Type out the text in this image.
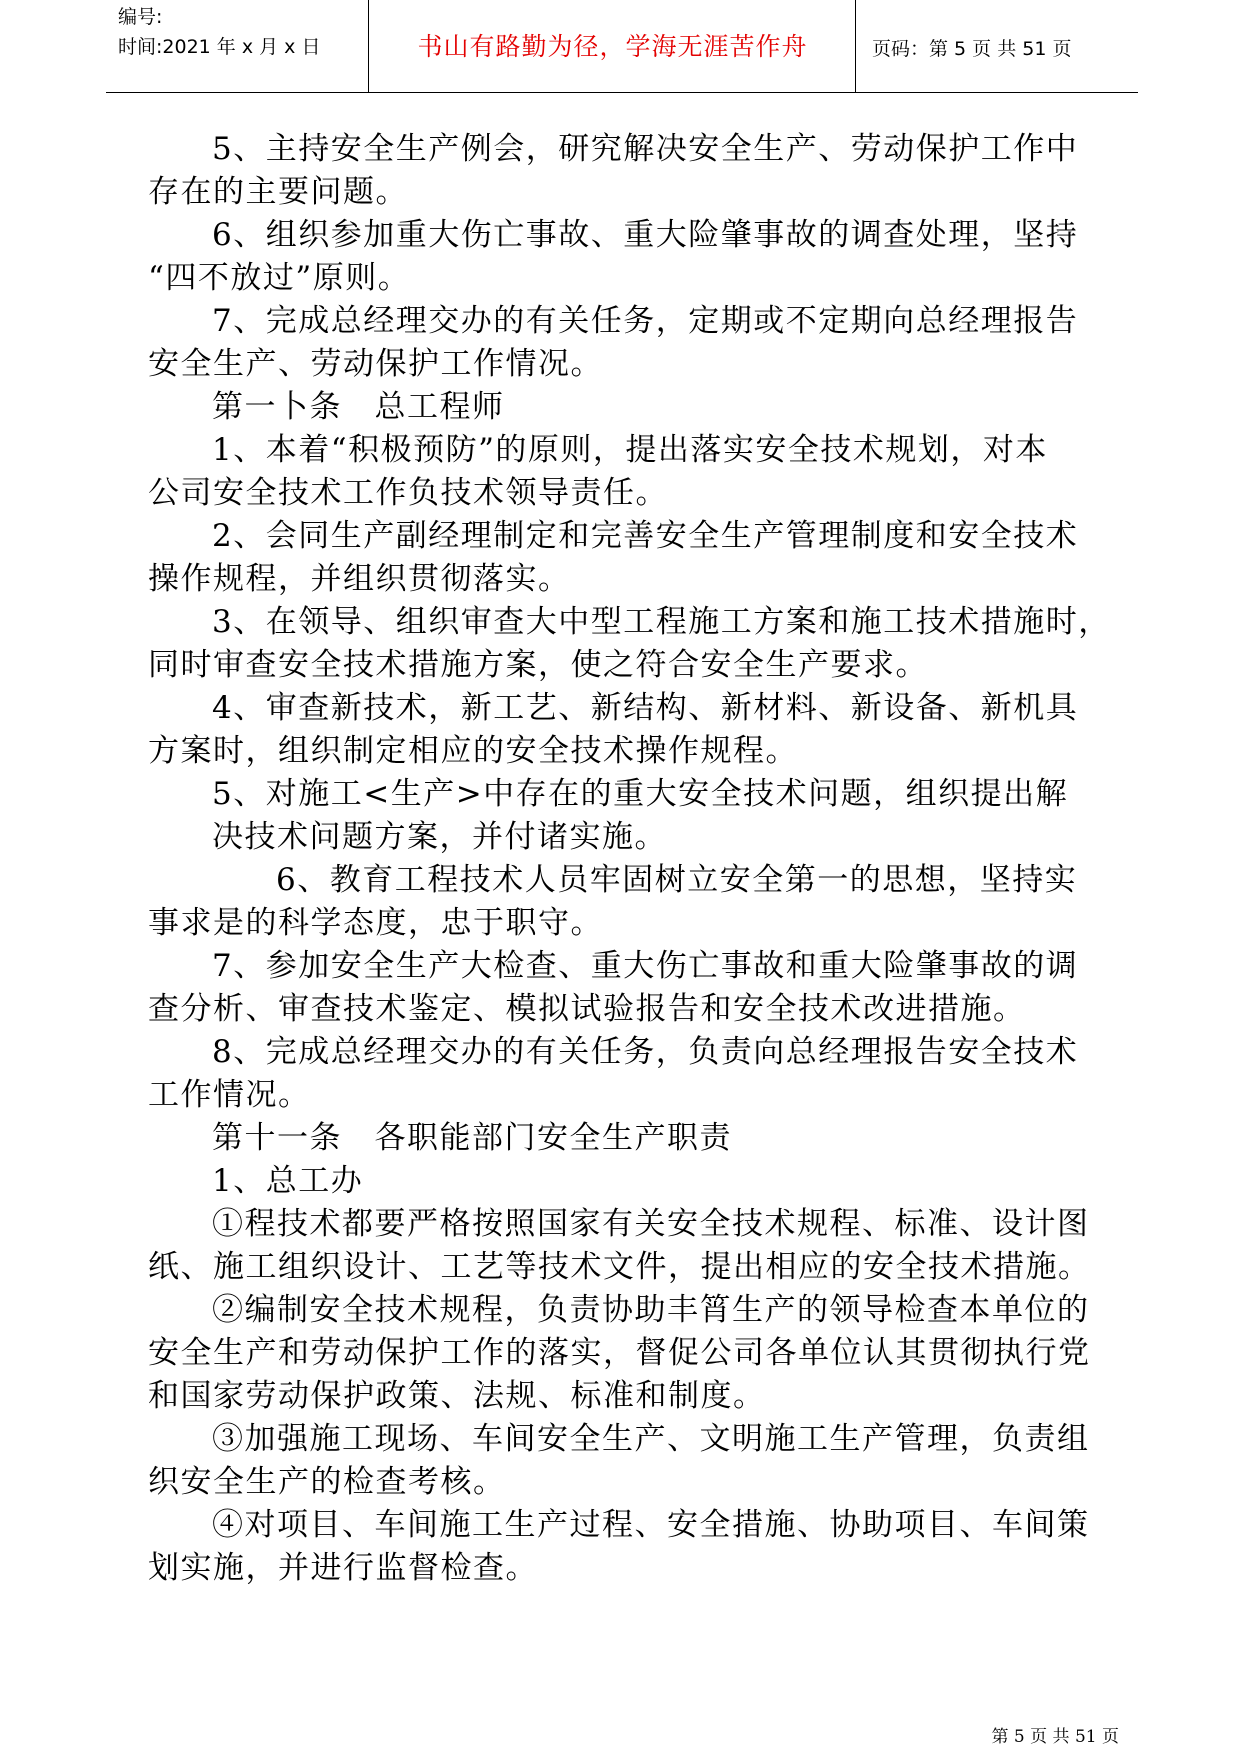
编号:
时间:2021 年 x 月 x 日	书山有路勤为径，学海无涯苦作舟	页码：第 5 页 共 51 页
5、主持安全生产例会，研究解决安全生产、劳动保护工作中
存在的主要问题。
6、组织参加重大伤亡事故、重大险肇事故的调查处理，坚持
“四不放过”原则。
7、完成总经理交办的有关任务，定期或不定期向总经理报告
安全生产、劳动保护工作情况。
第一卜条　总工程师
1、本着“积极预防”的原则，提出落实安全技术规划，对本
公司安全技术工作负技术领导责任。
2、会同生产副经理制定和完善安全生产管理制度和安全技术
操作规程，并组织贯彻落实。
3、在领导、组织审查大中型工程施工方案和施工技术措施时，
同时审查安全技术措施方案，使之符合安全生产要求。
4、审查新技术，新工艺、新结构、新材料、新设备、新机具
方案时，组织制定相应的安全技术操作规程。
5、对施工<生产>中存在的重大安全技术问题，组织提出解
决技术问题方案，并付诸实施。
6、教育工程技术人员牢固树立安全第一的思想，坚持实
事求是的科学态度，忠于职守。
7、参加安全生产大检查、重大伤亡事故和重大险肇事故的调
查分析、审查技术鉴定、模拟试验报告和安全技术改进措施。
8、完成总经理交办的有关任务，负责向总经理报告安全技术
工作情况。
第十一条　各职能部门安全生产职责
1、总工办
①程技术都要严格按照国家有关安全技术规程、标准、设计图
纸、施工组织设计、工艺等技术文件，提出相应的安全技术措施。
②编制安全技术规程，负责协助丰筲生产的领导检查本单位的
安全生产和劳动保护工作的落实，督促公司各单位认其贯彻执行党
和国家劳动保护政策、法规、标准和制度。
③加强施工现场、车间安全生产、文明施工生产管理，负责组
织安全生产的检查考核。
④对项目、车间施工生产过程、安全措施、协助项目、车间策
划实施，并进行监督检查。
第 5 页 共 51 页
